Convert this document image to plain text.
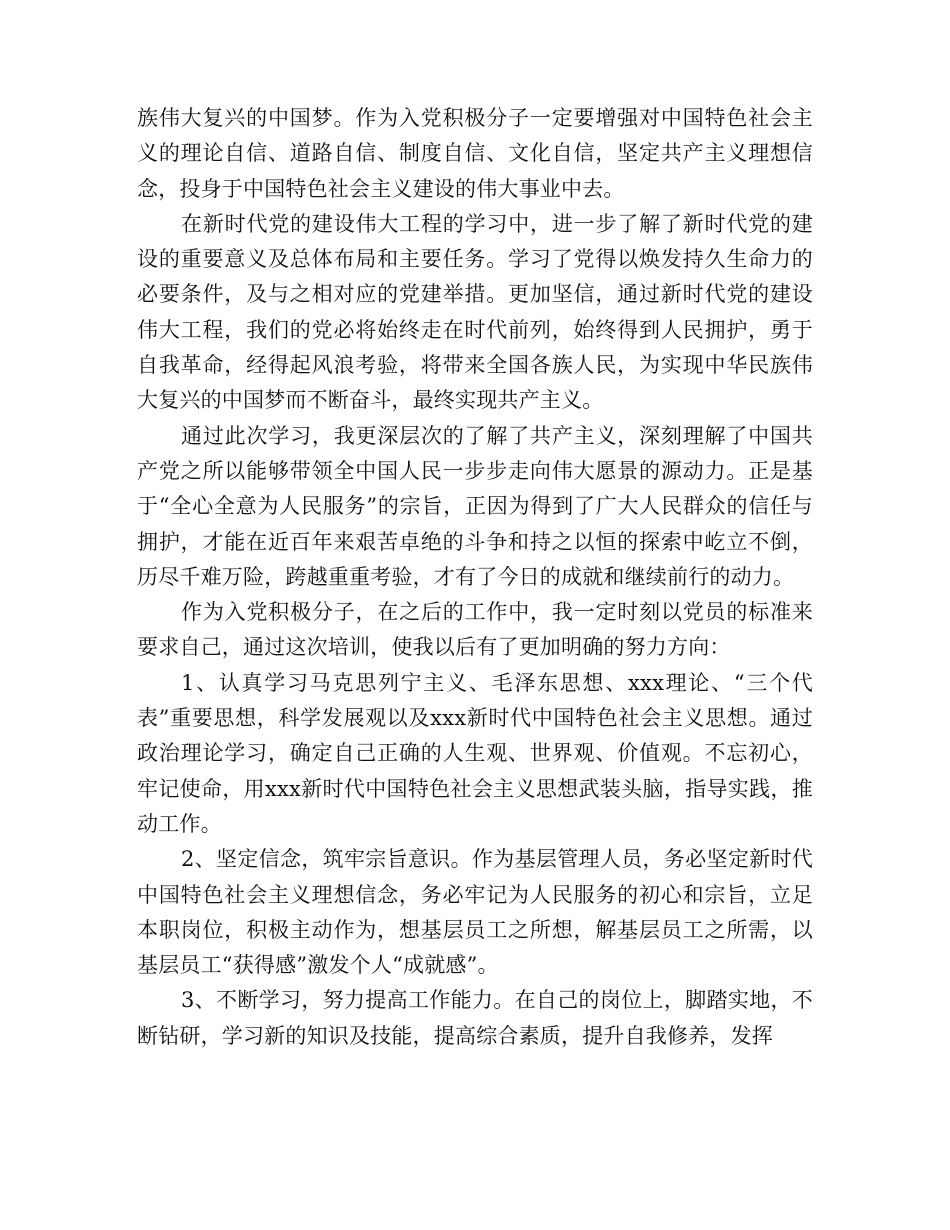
族伟大复兴的中国梦。作为入党积极分子一定要增强对中国特色社会主义的理论自信、道路自信、制度自信、文化自信，坚定共产主义理想信念，投身于中国特色社会主义建设的伟大事业中去。

在新时代党的建设伟大工程的学习中，进一步了解了新时代党的建设的重要意义及总体布局和主要任务。学习了党得以焕发持久生命力的必要条件，及与之相对应的党建举措。更加坚信，通过新时代党的建设伟大工程，我们的党必将始终走在时代前列，始终得到人民拥护，勇于自我革命，经得起风浪考验，将带来全国各族人民，为实现中华民族伟大复兴的中国梦而不断奋斗，最终实现共产主义。

通过此次学习，我更深层次的了解了共产主义，深刻理解了中国共产党之所以能够带领全中国人民一步步走向伟大愿景的源动力。正是基于“全心全意为人民服务”的宗旨，正因为得到了广大人民群众的信任与拥护，才能在近百年来艰苦卓绝的斗争和持之以恒的探索中屹立不倒，历尽千难万险，跨越重重考验，才有了今日的成就和继续前行的动力。

作为入党积极分子，在之后的工作中，我一定时刻以党员的标准来要求自己，通过这次培训，使我以后有了更加明确的努力方向：

1、认真学习马克思列宁主义、毛泽东思想、xxx理论、“三个代表”重要思想，科学发展观以及xxx新时代中国特色社会主义思想。通过政治理论学习，确定自己正确的人生观、世界观、价值观。不忘初心，牢记使命，用xxx新时代中国特色社会主义思想武装头脑，指导实践，推动工作。

2、坚定信念，筑牢宗旨意识。作为基层管理人员，务必坚定新时代中国特色社会主义理想信念，务必牢记为人民服务的初心和宗旨，立足本职岗位，积极主动作为，想基层员工之所想，解基层员工之所需，以基层员工“获得感”激发个人“成就感”。

3、不断学习，努力提高工作能力。在自己的岗位上，脚踏实地，不断钻研，学习新的知识及技能，提高综合素质，提升自我修养，发挥
